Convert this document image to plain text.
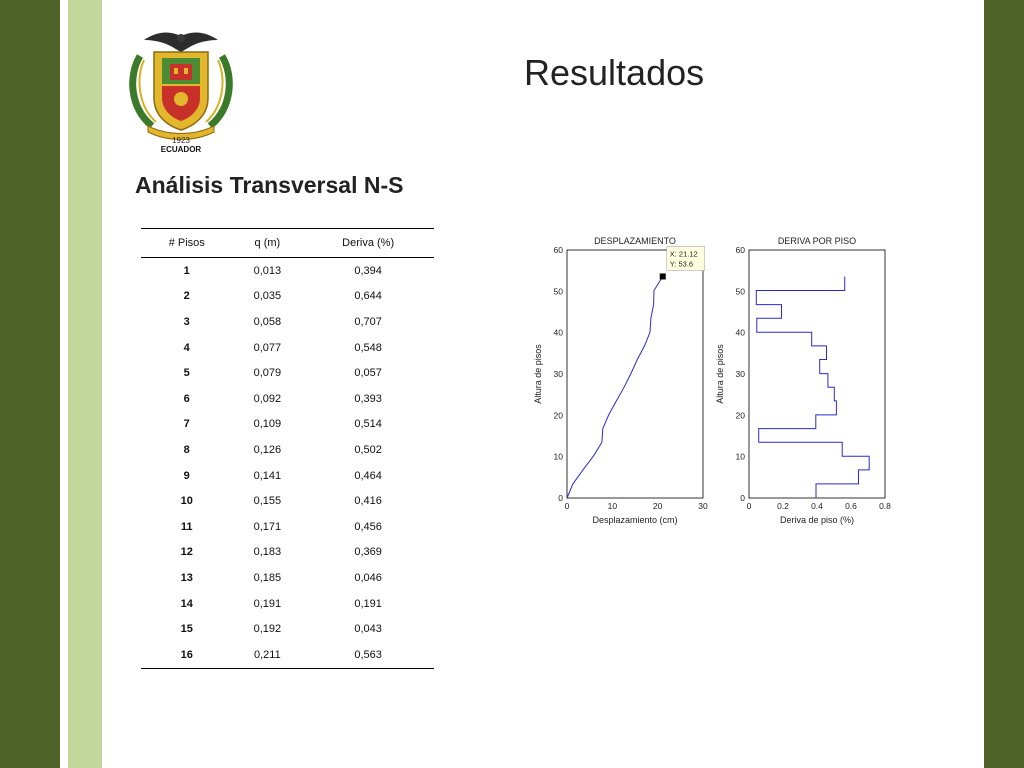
1923
ECUADOR
Resultados
Análisis Transversal N-S
# Pisos	q (m)	Deriva (%)
1	0,013	0,394
2	0,035	0,644
3	0,058	0,707
4	0,077	0,548
5	0,079	0,057
6	0,092	0,393
7	0,109	0,514
8	0,126	0,502
9	0,141	0,464
10	0,155	0,416
11	0,171	0,456
12	0,183	0,369
13	0,185	0,046
14	0,191	0,191
15	0,192	0,043
16	0,211	0,563
0	10	20	30
0
10
20
30
40
50
60	X: 21.12
Y: 53.6
DESPLAZAMIENTO
Desplazamiento (cm)
Altura de pisos
0	0.2	0.4	0.6	0.8
0
10
20
30
40
50
60
DERIVA POR PISO
Deriva de piso (%)
Altura de pisos
